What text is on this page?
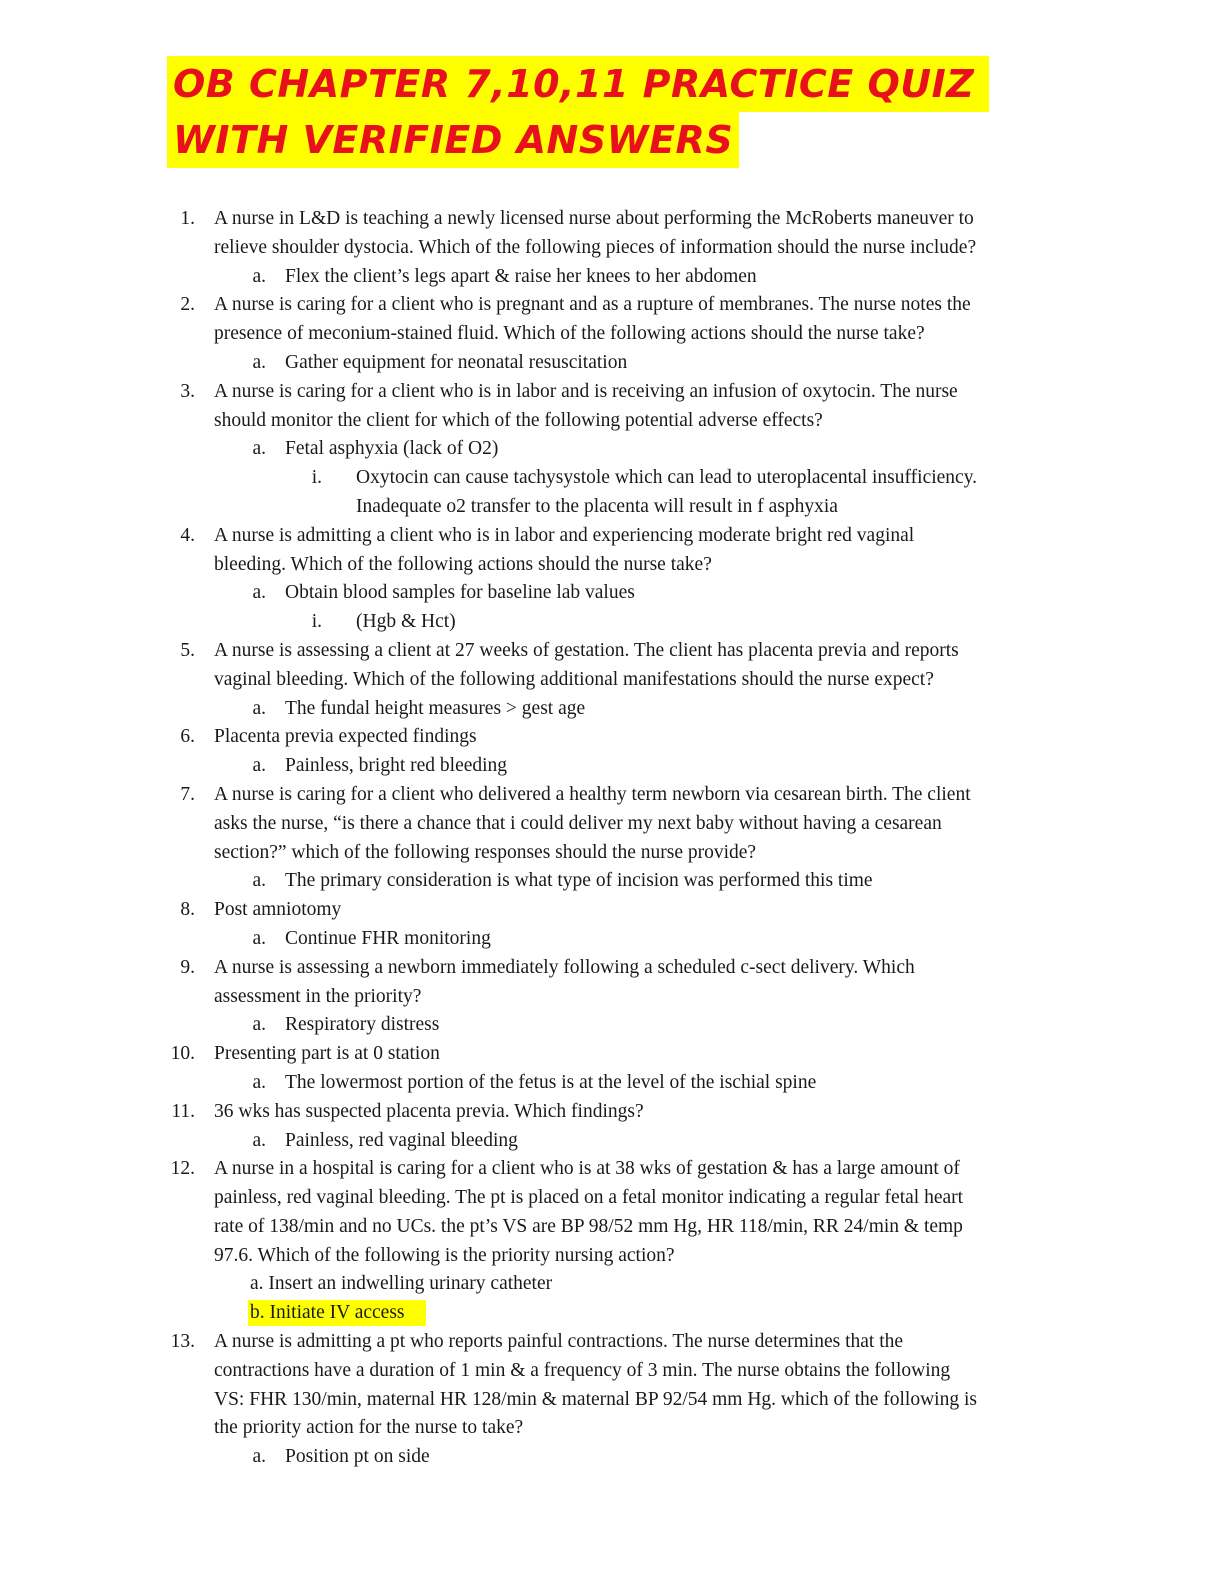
OB CHAPTER 7,10,11 PRACTICE QUIZ
WITH VERIFIED ANSWERS
1. A nurse in L&D is teaching a newly licensed nurse about performing the McRoberts maneuver to
relieve shoulder dystocia. Which of the following pieces of information should the nurse include?
a. Flex the client’s legs apart & raise her knees to her abdomen
2. A nurse is caring for a client who is pregnant and as a rupture of membranes. The nurse notes the
presence of meconium-stained fluid. Which of the following actions should the nurse take?
a. Gather equipment for neonatal resuscitation
3. A nurse is caring for a client who is in labor and is receiving an infusion of oxytocin. The nurse
should monitor the client for which of the following potential adverse effects?
a. Fetal asphyxia (lack of O2)
i. Oxytocin can cause tachysystole which can lead to uteroplacental insufficiency.
Inadequate o2 transfer to the placenta will result in f asphyxia
4. A nurse is admitting a client who is in labor and experiencing moderate bright red vaginal
bleeding. Which of the following actions should the nurse take?
a. Obtain blood samples for baseline lab values
i. (Hgb & Hct)
5. A nurse is assessing a client at 27 weeks of gestation. The client has placenta previa and reports
vaginal bleeding. Which of the following additional manifestations should the nurse expect?
a. The fundal height measures > gest age
6. Placenta previa expected findings
a. Painless, bright red bleeding
7. A nurse is caring for a client who delivered a healthy term newborn via cesarean birth. The client
asks the nurse, “is there a chance that i could deliver my next baby without having a cesarean
section?” which of the following responses should the nurse provide?
a. The primary consideration is what type of incision was performed this time
8. Post amniotomy
a. Continue FHR monitoring
9. A nurse is assessing a newborn immediately following a scheduled c-sect delivery. Which
assessment in the priority?
a. Respiratory distress
10. Presenting part is at 0 station
a. The lowermost portion of the fetus is at the level of the ischial spine
11. 36 wks has suspected placenta previa. Which findings?
a. Painless, red vaginal bleeding
12. A nurse in a hospital is caring for a client who is at 38 wks of gestation & has a large amount of
painless, red vaginal bleeding. The pt is placed on a fetal monitor indicating a regular fetal heart
rate of 138/min and no UCs. the pt’s VS are BP 98/52 mm Hg, HR 118/min, RR 24/min & temp
97.6. Which of the following is the priority nursing action?
a. Insert an indwelling urinary catheter
b. Initiate IV access
13. A nurse is admitting a pt who reports painful contractions. The nurse determines that the
contractions have a duration of 1 min & a frequency of 3 min. The nurse obtains the following
VS: FHR 130/min, maternal HR 128/min & maternal BP 92/54 mm Hg. which of the following is
the priority action for the nurse to take?
a. Position pt on side
